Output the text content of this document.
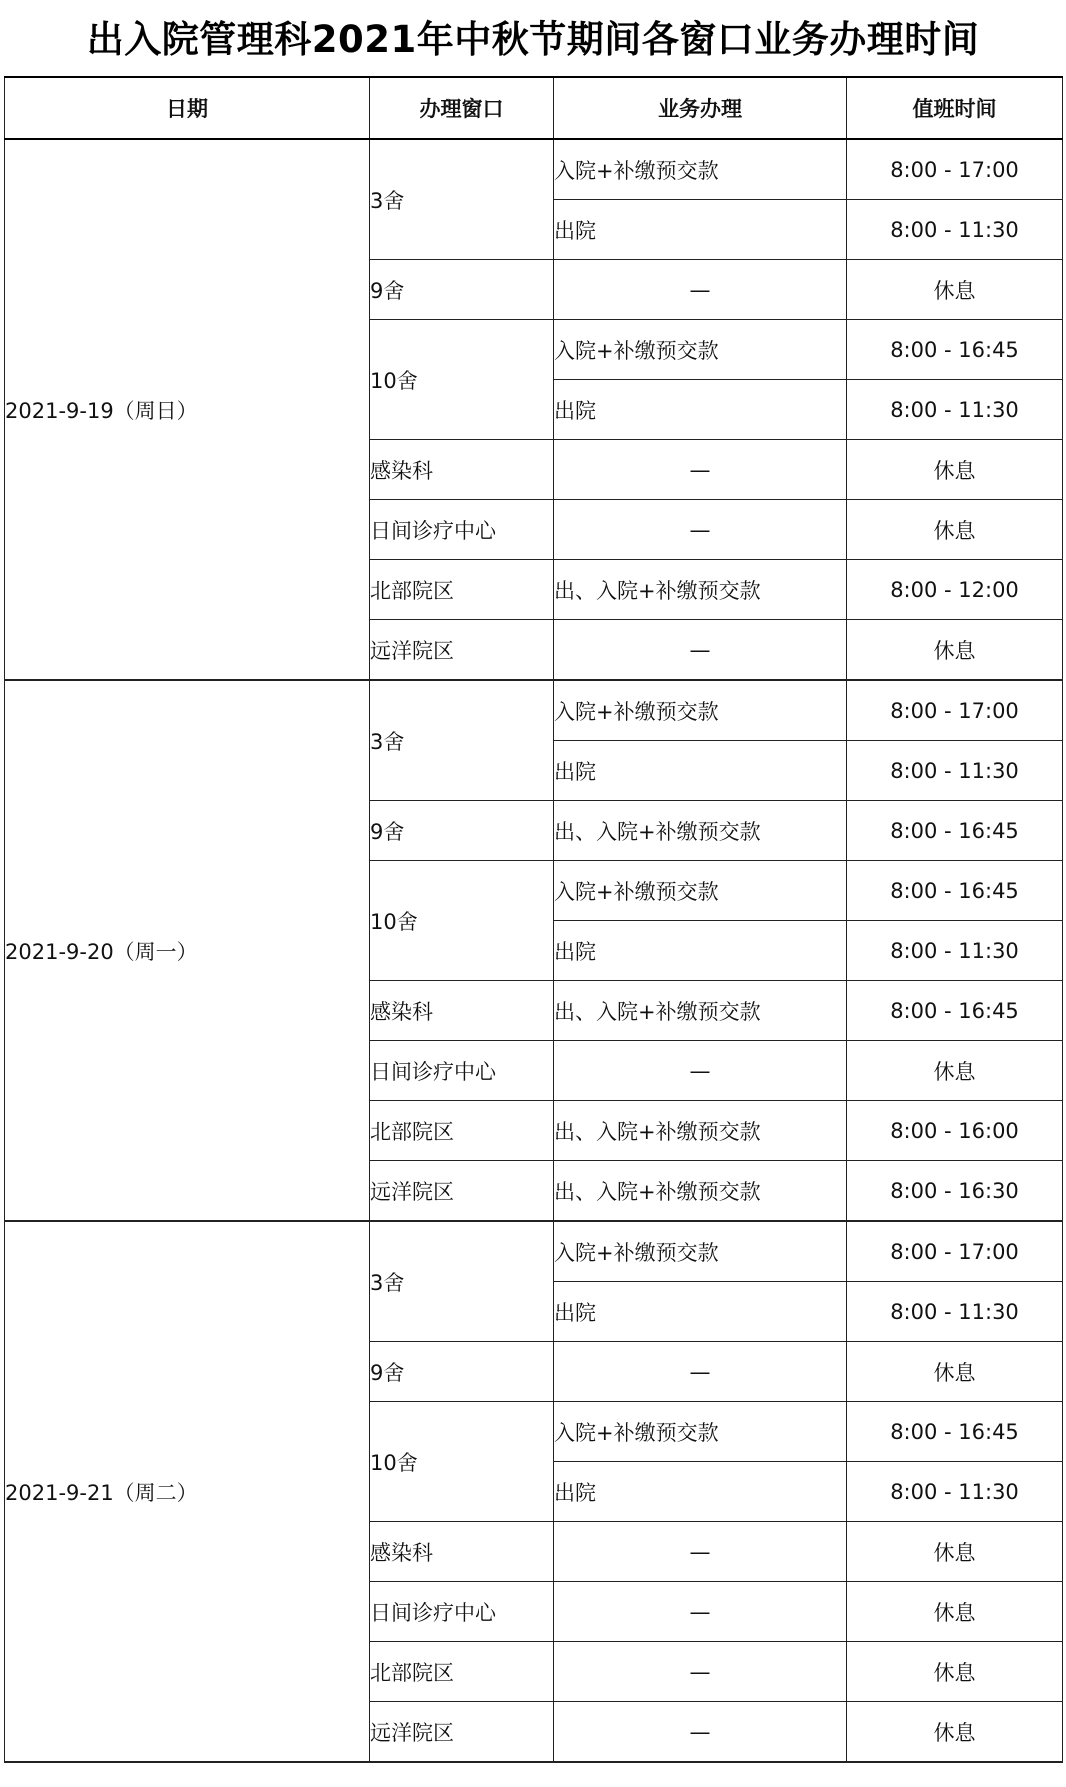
出入院管理科2021年中秋节期间各窗口业务办理时间
日期	办理窗口	业务办理	值班时间
2021-9-19（周日）	3舍	入院+补缴预交款	8:00 - 17:00
		出院	8:00 - 11:30
	9舍	—	休息
	10舍	入院+补缴预交款	8:00 - 16:45
		出院	8:00 - 11:30
	感染科	—	休息
	日间诊疗中心	—	休息
	北部院区	出、入院+补缴预交款	8:00 - 12:00
	远洋院区	—	休息
2021-9-20（周一）	3舍	入院+补缴预交款	8:00 - 17:00
		出院	8:00 - 11:30
	9舍	出、入院+补缴预交款	8:00 - 16:45
	10舍	入院+补缴预交款	8:00 - 16:45
		出院	8:00 - 11:30
	感染科	出、入院+补缴预交款	8:00 - 16:45
	日间诊疗中心	—	休息
	北部院区	出、入院+补缴预交款	8:00 - 16:00
	远洋院区	出、入院+补缴预交款	8:00 - 16:30
2021-9-21（周二）	3舍	入院+补缴预交款	8:00 - 17:00
		出院	8:00 - 11:30
	9舍	—	休息
	10舍	入院+补缴预交款	8:00 - 16:45
		出院	8:00 - 11:30
	感染科	—	休息
	日间诊疗中心	—	休息
	北部院区	—	休息
	远洋院区	—	休息
